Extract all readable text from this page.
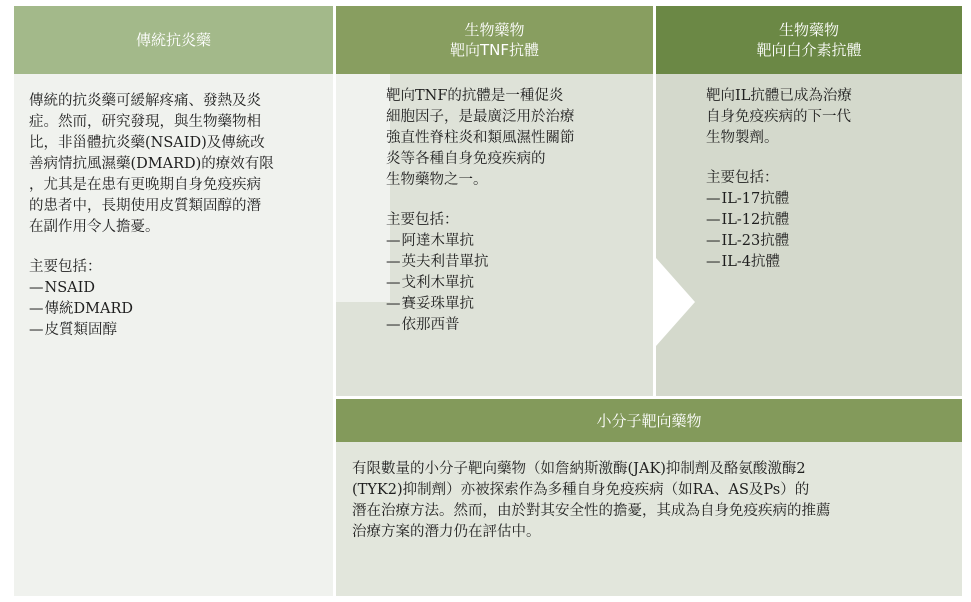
傳統抗炎藥
傳統的抗炎藥可緩解疼痛、發熱及炎
症。然而，研究發現，與生物藥物相
比，非甾體抗炎藥(NSAID)及傳統改
善病情抗風濕藥(DMARD)的療效有限
，尤其是在患有更晚期自身免疫疾病
的患者中，長期使用皮質類固醇的潛
在副作用令人擔憂。
主要包括：
— NSAID
— 傳統DMARD
— 皮質類固醇
生物藥物
靶向TNF抗體
靶向TNF的抗體是一種促炎
細胞因子，是最廣泛用於治療
強直性脊柱炎和類風濕性關節
炎等各種自身免疫疾病的
生物藥物之一。
主要包括：
— 阿達木單抗
— 英夫利昔單抗
— 戈利木單抗
— 賽妥珠單抗
— 依那西普
生物藥物
靶向白介素抗體
靶向IL抗體已成為治療
自身免疫疾病的下一代
生物製劑。
主要包括：
— IL-17抗體
— IL-12抗體
— IL-23抗體
— IL-4抗體
小分子靶向藥物
有限數量的小分子靶向藥物（如詹納斯激酶(JAK)抑制劑及酪氨酸激酶2
(TYK2)抑制劑）亦被探索作為多種自身免疫疾病（如RA、AS及Ps）的
潛在治療方法。然而，由於對其安全性的擔憂，其成為自身免疫疾病的推薦
治療方案的潛力仍在評估中。
